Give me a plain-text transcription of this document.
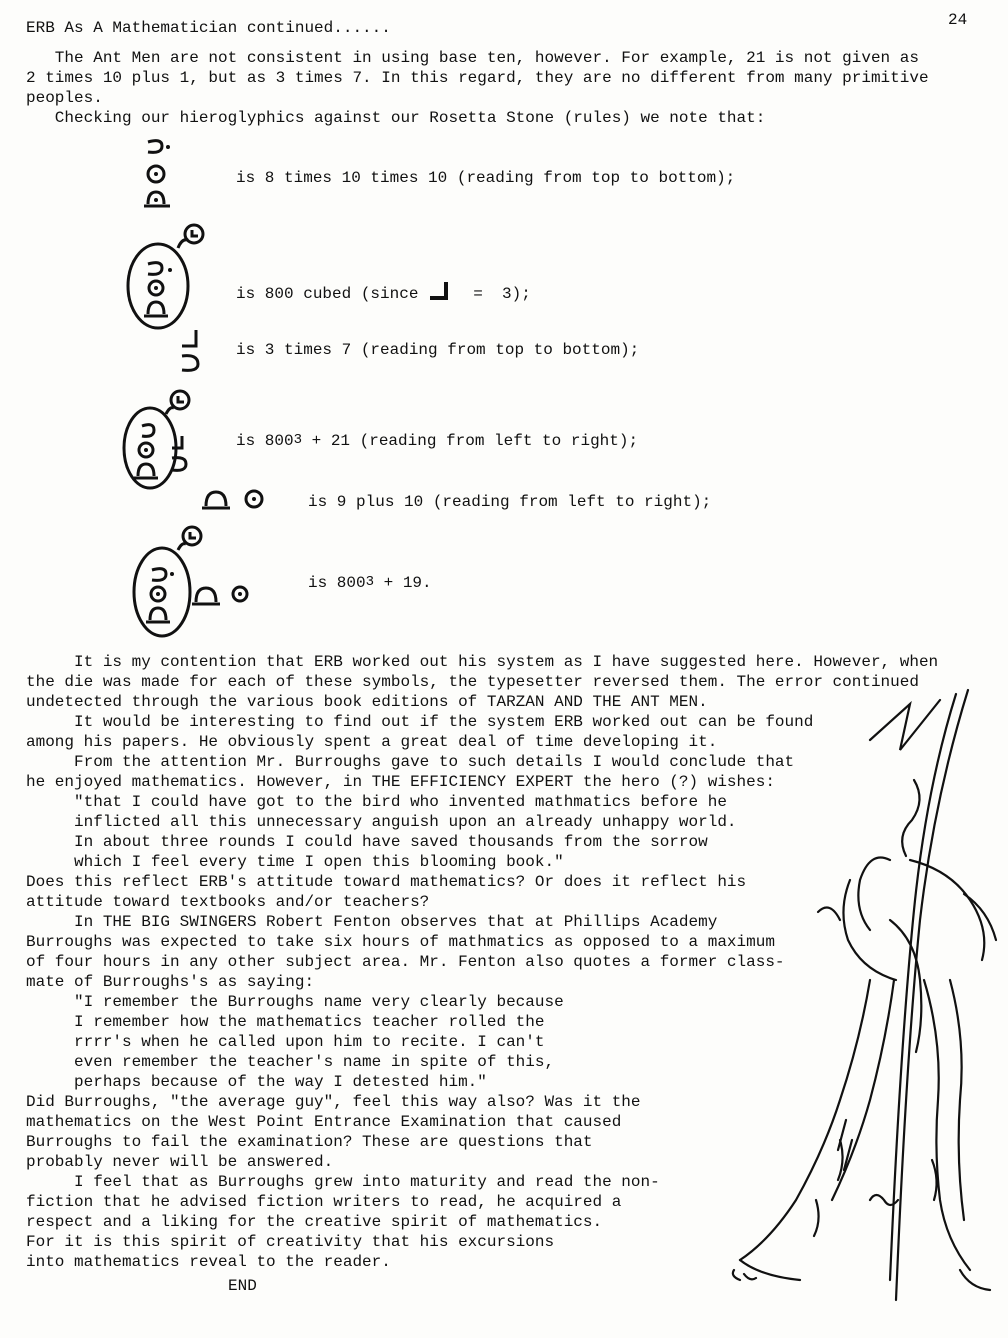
ERB As A Mathematician continued......	24
The Ant Men are not consistent in using base ten, however. For example, 21 is not given as
2 times 10 plus 1, but as 3 times 7. In this regard, they are no different from many primitive
peoples.
Checking our hieroglyphics against our Rosetta Stone (rules) we note that:
is 8 times 10 times 10 (reading from top to bottom);
is 800 cubed (since	=  3);
is 3 times 7 (reading from top to bottom);
is 8003 + 21 (reading from left to right);
is 9 plus 10 (reading from left to right);
is 8003 + 19.
It is my contention that ERB worked out his system as I have suggested here. However, when
the die was made for each of these symbols, the typesetter reversed them. The error continued
undetected through the various book editions of TARZAN AND THE ANT MEN.
It would be interesting to find out if the system ERB worked out can be found
among his papers. He obviously spent a great deal of time developing it.
From the attention Mr. Burroughs gave to such details I would conclude that
he enjoyed mathematics. However, in THE EFFICIENCY EXPERT the hero (?) wishes:
"that I could have got to the bird who invented mathmatics before he
inflicted all this unnecessary anguish upon an already unhappy world.
In about three rounds I could have saved thousands from the sorrow
which I feel every time I open this blooming book."
Does this reflect ERB's attitude toward mathematics? Or does it reflect his
attitude toward textbooks and/or teachers?
In THE BIG SWINGERS Robert Fenton observes that at Phillips Academy
Burroughs was expected to take six hours of mathmatics as opposed to a maximum
of four hours in any other subject area. Mr. Fenton also quotes a former class-
mate of Burroughs's as saying:
"I remember the Burroughs name very clearly because
I remember how the mathematics teacher rolled the
rrrr's when he called upon him to recite. I can't
even remember the teacher's name in spite of this,
perhaps because of the way I detested him."
Did Burroughs, "the average guy", feel this way also? Was it the
mathematics on the West Point Entrance Examination that caused
Burroughs to fail the examination? These are questions that
probably never will be answered.
I feel that as Burroughs grew into maturity and read the non-
fiction that he advised fiction writers to read, he acquired a
respect and a liking for the creative spirit of mathematics.
For it is this spirit of creativity that his excursions
into mathematics reveal to the reader.
END
